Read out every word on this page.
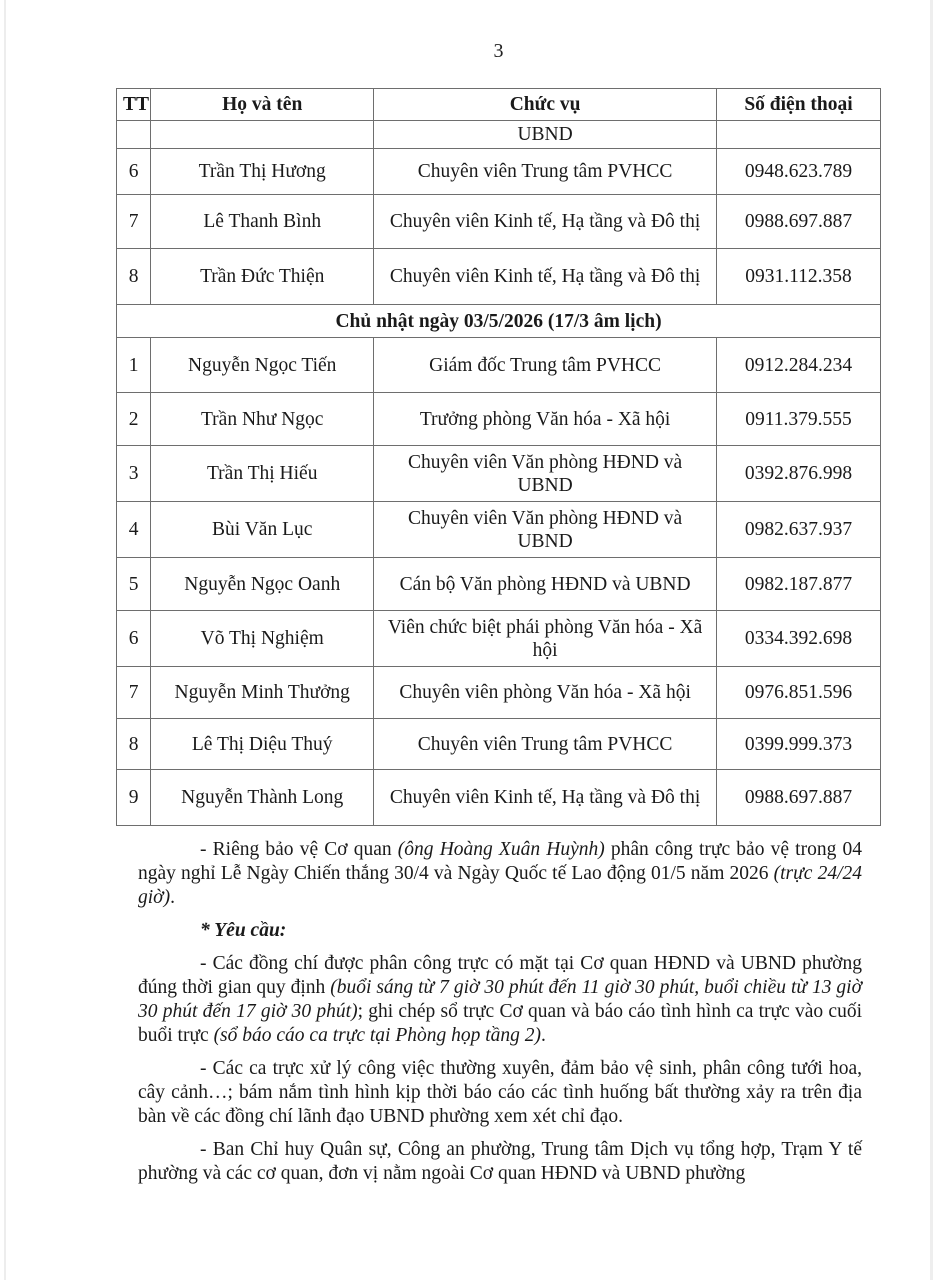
3
TT	Họ và tên	Chức vụ	Số điện thoại
		UBND	
6	Trần Thị Hương	Chuyên viên Trung tâm PVHCC	0948.623.789
7	Lê Thanh Bình	Chuyên viên Kinh tế, Hạ tầng và Đô thị	0988.697.887
8	Trần Đức Thiện	Chuyên viên Kinh tế, Hạ tầng và Đô thị	0931.112.358
Chủ nhật ngày 03/5/2026 (17/3 âm lịch)			
1	Nguyễn Ngọc Tiến	Giám đốc Trung tâm PVHCC	0912.284.234
2	Trần Như Ngọc	Trưởng phòng Văn hóa - Xã hội	0911.379.555
3	Trần Thị Hiếu	Chuyên viên Văn phòng HĐND và UBND	0392.876.998
4	Bùi Văn Lục	Chuyên viên Văn phòng HĐND và UBND	0982.637.937
5	Nguyễn Ngọc Oanh	Cán bộ Văn phòng HĐND và UBND	0982.187.877
6	Võ Thị Nghiệm	Viên chức biệt phái phòng Văn hóa - Xã hội	0334.392.698
7	Nguyễn Minh Thưởng	Chuyên viên phòng Văn hóa - Xã hội	0976.851.596
8	Lê Thị Diệu Thuý	Chuyên viên Trung tâm PVHCC	0399.999.373
9	Nguyễn Thành Long	Chuyên viên Kinh tế, Hạ tầng và Đô thị	0988.697.887

- Riêng bảo vệ Cơ quan (ông Hoàng Xuân Huỳnh) phân công trực bảo vệ trong 04 ngày nghỉ Lễ Ngày Chiến thắng 30/4 và Ngày Quốc tế Lao động 01/5 năm 2026 (trực 24/24 giờ).

* Yêu cầu:

- Các đồng chí được phân công trực có mặt tại Cơ quan HĐND và UBND phường đúng thời gian quy định (buổi sáng từ 7 giờ 30 phút đến 11 giờ 30 phút, buổi chiều từ 13 giờ 30 phút đến 17 giờ 30 phút); ghi chép sổ trực Cơ quan và báo cáo tình hình ca trực vào cuối buổi trực (sổ báo cáo ca trực tại Phòng họp tầng 2).

- Các ca trực xử lý công việc thường xuyên, đảm bảo vệ sinh, phân công tưới hoa, cây cảnh…; bám nắm tình hình kịp thời báo cáo các tình huống bất thường xảy ra trên địa bàn về các đồng chí lãnh đạo UBND phường xem xét chỉ đạo.

- Ban Chỉ huy Quân sự, Công an phường, Trung tâm Dịch vụ tổng hợp, Trạm Y tế phường và các cơ quan, đơn vị nằm ngoài Cơ quan HĐND và UBND phường
